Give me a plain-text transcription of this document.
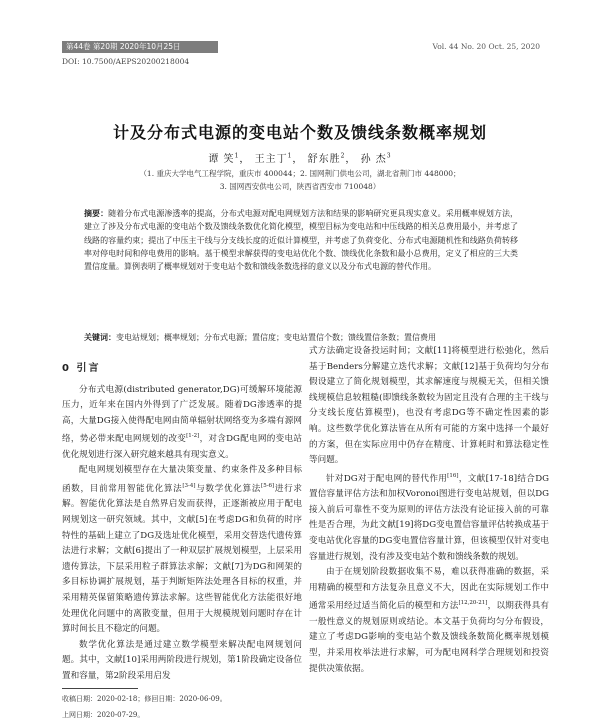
第44卷 第20期 2020年10月25日	Vol. 44 No. 20 Oct. 25, 2020
DOI: 10.7500/AEPS20200218004
计及分布式电源的变电站个数及馈线条数概率规划
谭 笑$^1$， 王主丁$^1$， 舒东胜$^2$， 孙 杰$^3$
（1. 重庆大学电气工程学院，重庆市 400044；2. 国网荆门供电公司，湖北省荆门市 448000；
3. 国网西安供电公司，陕西省西安市 710048）
摘要：随着分布式电源渗透率的提高，分布式电源对配电网规划方法和结果的影响研究更具现实意义。采用概率规划方法，建立了涉及分布式电源的变电站个数及馈线条数优化简化模型，模型目标为变电站和中压线路的相关总费用最小，并考虑了线路的容量约束；提出了中压主干线与分支线长度的近似计算模型，并考虑了负荷变化、分布式电源随机性和线路负荷转移率对停电时间和停电费用的影响。基于模型求解获得的变电站优化个数、馈线优化条数和最小总费用，定义了相应的三大类置信度量。算例表明了概率规划对于变电站个数和馈线条数选择的意义以及分布式电源的替代作用。
关键词：变电站规划；概率规划；分布式电源；置信度；变电站置信个数；馈线置信条数；置信费用
0 引言

分布式电源(distributed generator,DG)可缓解环境能源压力，近年来在国内外得到了广泛发展。随着DG渗透率的提高，大量DG接入使得配电网由简单辐射状网络变为多端有源网络，势必带来配电网规划的改变[1-2]，对含DG配电网的变电站优化规划进行深入研究越来越具有现实意义。

配电网规划模型存在大量决策变量、约束条件及多种目标函数，目前常用智能优化算法[3-4]与数学优化算法[5-6]进行求解。智能优化算法是自然界启发而获得，正逐渐被应用于配电网规划这一研究领域。其中，文献[5]在考虑DG和负荷的时序特性的基础上建立了DG及选址优化模型，采用交替迭代遗传算法进行求解；文献[6]提出了一种双层扩展规划模型，上层采用遗传算法，下层采用粒子群算法求解；文献[7]为DG和网架的多目标协调扩展规划，基于判断矩阵法处理各目标的权重，并采用精英保留策略遗传算法求解。这些智能优化方法能很好地处理优化问题中的离散变量，但用于大规模规划问题时存在计算时间长且不稳定的问题。

数学优化算法是通过建立数学模型来解决配电网规划问题。其中，文献[10]采用两阶段进行规划，第1阶段确定设备位置和容量，第2阶段采用启发

式方法确定设备投运时间；文献[11]将模型进行松弛化，然后基于Benders分解建立迭代求解；文献[12]基于负荷均匀分布假设建立了简化规划模型，其求解速度与规模无关，但相关馈线规模信息较粗糙(即馈线条数较为固定且没有合理的主干线与分支线长度估算模型)，也没有考虑DG等不确定性因素的影响。这些数学优化算法皆在从所有可能的方案中选择一个最好的方案，但在实际应用中仍存在精度、计算耗时和算法稳定性等问题。

针对DG对于配电网的替代作用[16]，文献[17-18]结合DG置信容量评估方法和加权Voronoi图进行变电站规划，但以DG接入前后可靠性不变为原则的评估方法没有论证接入前的可靠性是否合理，为此文献[19]将DG变电置信容量评估转换成基于变电站优化容量的DG变电置信容量计算，但该模型仅针对变电容量进行规划，没有涉及变电站个数和馈线条数的规划。

由于在规划阶段数据收集不易，难以获得准确的数据，采用精确的模型和方法复杂且意义不大，因此在实际规划工作中通常采用经过适当简化后的模型和方法[12,20-21]，以期获得具有一般性意义的规划原则或结论。本文基于负荷均匀分布假设，建立了考虑DG影响的变电站个数及馈线条数简化概率规划模型，并采用枚举法进行求解，可为配电网科学合理规划和投资提供决策依据。

收稿日期：2020-02-18；修回日期：2020-06-09。
上网日期：2020-07-29。
